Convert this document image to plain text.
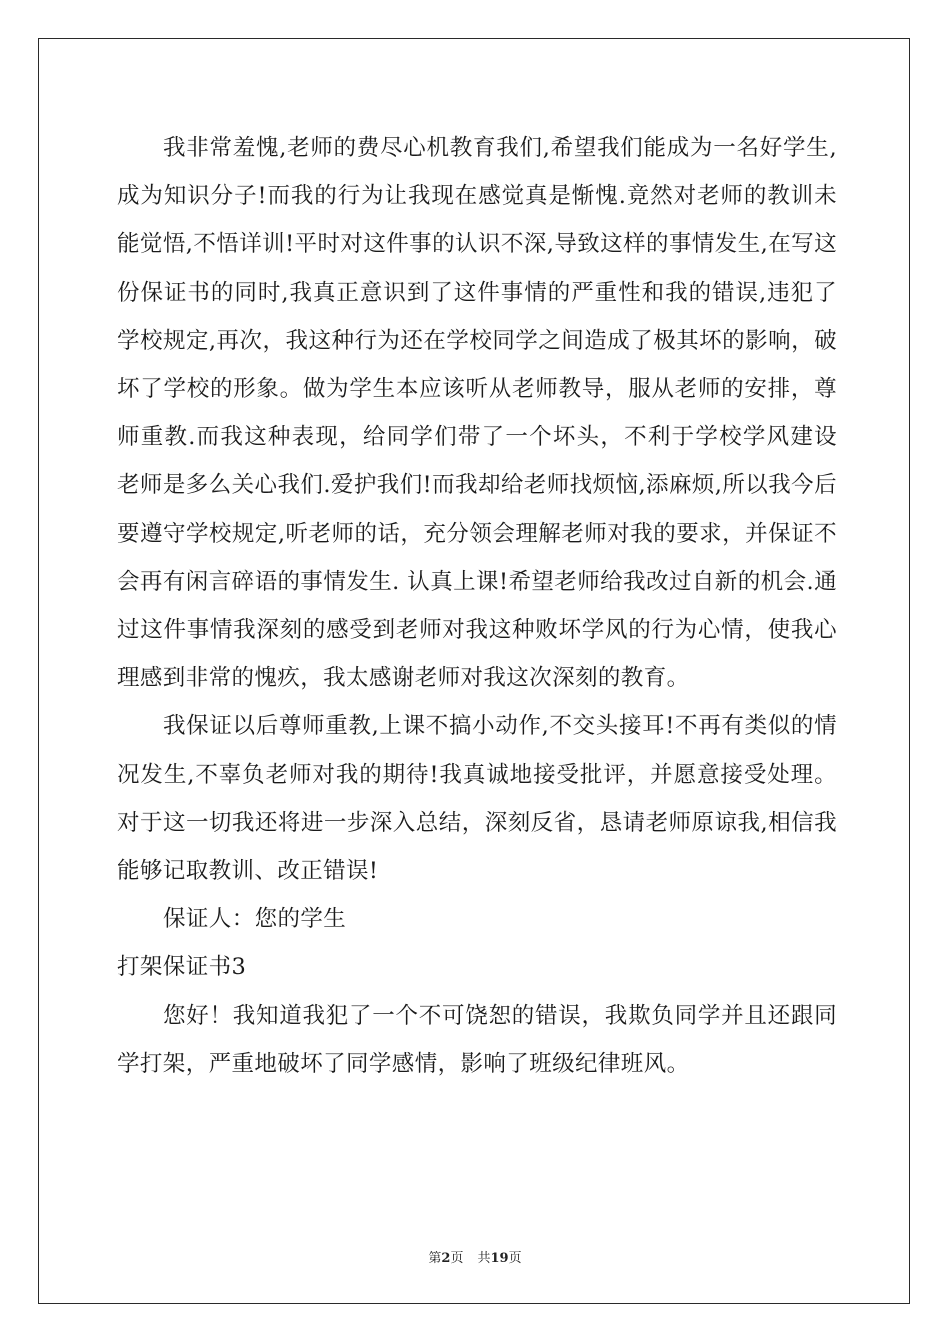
我非常羞愧,老师的费尽心机教育我们,希望我们能成为一名好学生,成为知识分子!而我的行为让我现在感觉真是惭愧.竟然对老师的教训未能觉悟,不悟详训!平时对这件事的认识不深,导致这样的事情发生,在写这份保证书的同时,我真正意识到了这件事情的严重性和我的错误,违犯了学校规定,再次，我这种行为还在学校同学之间造成了极其坏的影响，破坏了学校的形象。做为学生本应该听从老师教导，服从老师的安排，尊师重教.而我这种表现，给同学们带了一个坏头，不利于学校学风建设 老师是多么关心我们.爱护我们!而我却给老师找烦恼,添麻烦,所以我今后要遵守学校规定,听老师的话，充分领会理解老师对我的要求，并保证不会再有闲言碎语的事情发生. 认真上课!希望老师给我改过自新的机会.通过这件事情我深刻的感受到老师对我这种败坏学风的行为心情，使我心理感到非常的愧疚，我太感谢老师对我这次深刻的教育。

我保证以后尊师重教,上课不搞小动作,不交头接耳!不再有类似的情况发生,不辜负老师对我的期待!我真诚地接受批评，并愿意接受处理。对于这一切我还将进一步深入总结，深刻反省，恳请老师原谅我,相信我能够记取教训、改正错误!

保证人：您的学生

打架保证书3

您好！我知道我犯了一个不可饶恕的错误，我欺负同学并且还跟同学打架，严重地破坏了同学感情，影响了班级纪律班风。

第2页 共19页
